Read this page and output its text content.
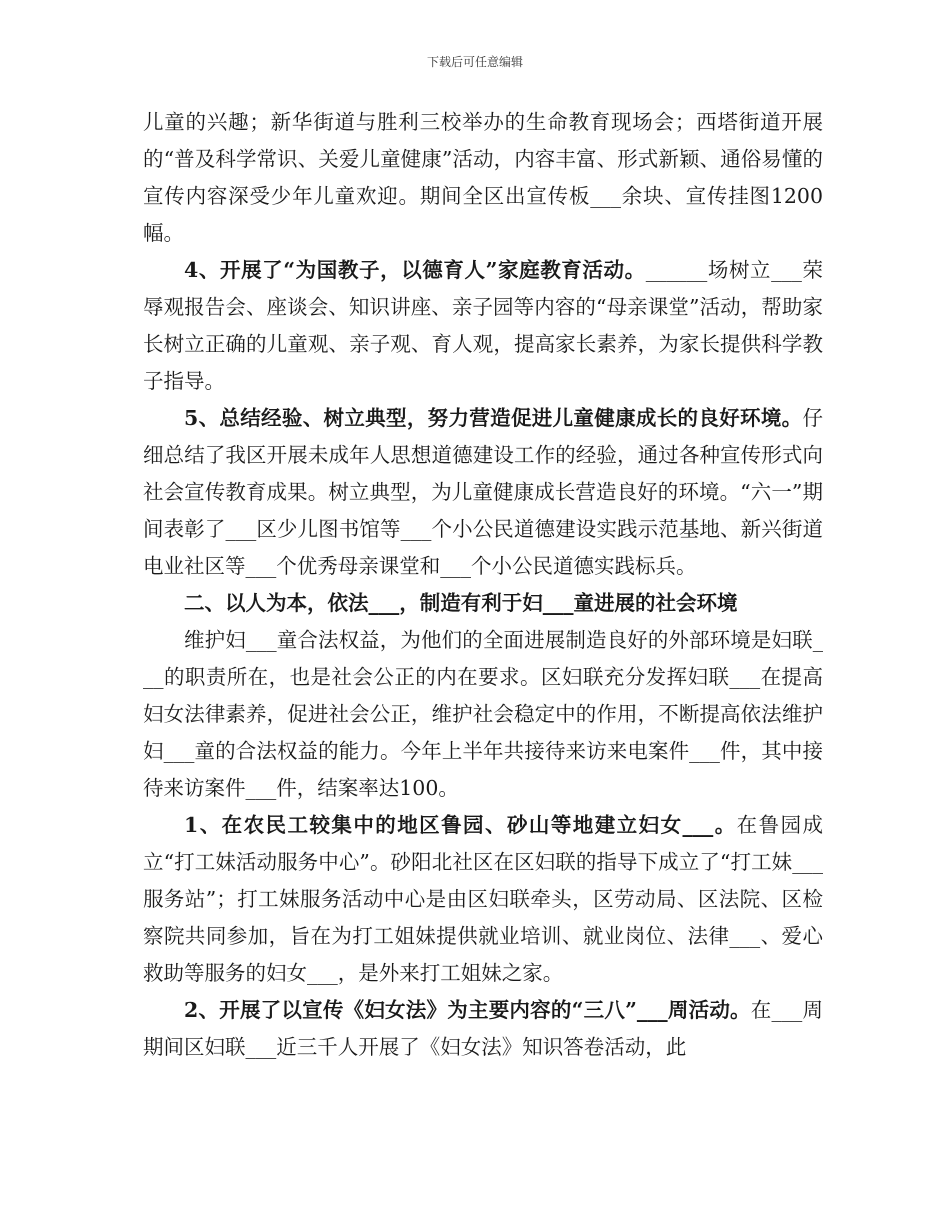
下载后可任意编辑

儿童的兴趣；新华街道与胜利三校举办的生命教育现场会；西塔街道开展的“普及科学常识、关爱儿童健康”活动，内容丰富、形式新颖、通俗易懂的宣传内容深受少年儿童欢迎。期间全区出宣传板___余块、宣传挂图1200幅。

4、开展了“为国教子，以德育人”家庭教育活动。______场树立___荣辱观报告会、座谈会、知识讲座、亲子园等内容的“母亲课堂”活动，帮助家长树立正确的儿童观、亲子观、育人观，提高家长素养，为家长提供科学教子指导。

5、总结经验、树立典型，努力营造促进儿童健康成长的良好环境。仔细总结了我区开展未成年人思想道德建设工作的经验，通过各种宣传形式向社会宣传教育成果。树立典型，为儿童健康成长营造良好的环境。“六一”期间表彰了___区少儿图书馆等___个小公民道德建设实践示范基地、新兴街道电业社区等___个优秀母亲课堂和___个小公民道德实践标兵。

二、以人为本，依法___，制造有利于妇___童进展的社会环境

维护妇___童合法权益，为他们的全面进展制造良好的外部环境是妇联___的职责所在，也是社会公正的内在要求。区妇联充分发挥妇联___在提高妇女法律素养，促进社会公正，维护社会稳定中的作用，不断提高依法维护妇___童的合法权益的能力。今年上半年共接待来访来电案件___件，其中接待来访案件___件，结案率达100。

1、在农民工较集中的地区鲁园、砂山等地建立妇女___。在鲁园成立“打工妹活动服务中心”。砂阳北社区在区妇联的指导下成立了“打工妹___服务站”；打工妹服务活动中心是由区妇联牵头，区劳动局、区法院、区检察院共同参加，旨在为打工姐妹提供就业培训、就业岗位、法律___、爱心救助等服务的妇女___，是外来打工姐妹之家。

2、开展了以宣传《妇女法》为主要内容的“三八”___周活动。在___周期间区妇联___近三千人开展了《妇女法》知识答卷活动，此
